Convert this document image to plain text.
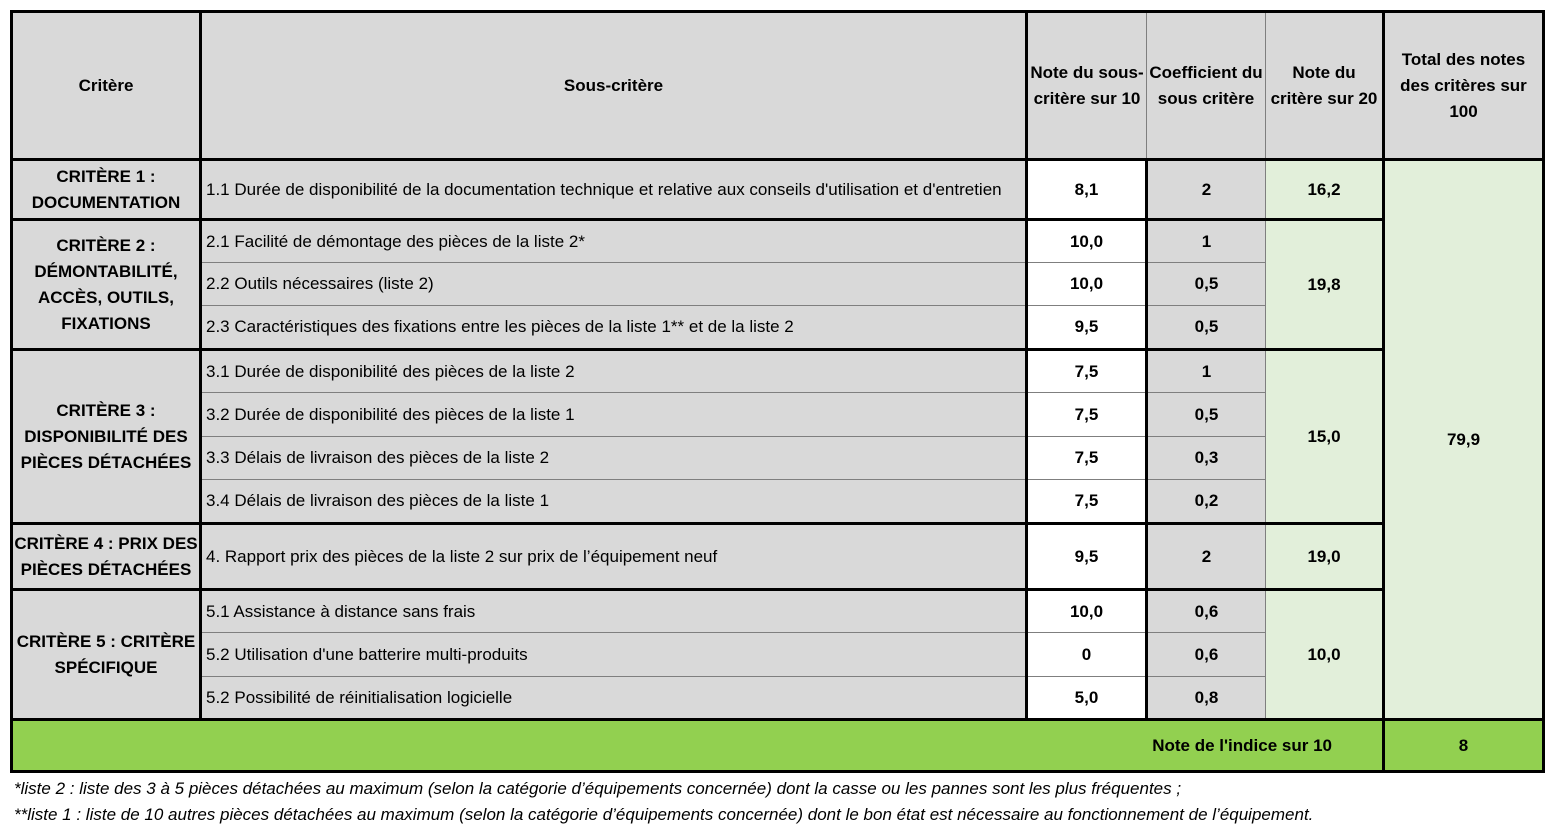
Critère	Sous-critère	Note du sous-critère sur 10	Coefficient du sous critère	Note du critère sur 20	Total des notes des critères sur 100
CRITÈRE 1 : DOCUMENTATION	1.1 Durée de disponibilité de la documentation technique et relative aux conseils d'utilisation et d'entretien	8,1	2	16,2	79,9
CRITÈRE 2 : DÉMONTABILITÉ, ACCÈS, OUTILS, FIXATIONS	2.1 Facilité de démontage des pièces de la liste 2*	10,0	1	19,8	
	2.2 Outils nécessaires (liste 2)	10,0	0,5		
	2.3 Caractéristiques des fixations entre les pièces de la liste 1** et de la liste 2	9,5	0,5		
CRITÈRE 3 : DISPONIBILITÉ DES PIÈCES DÉTACHÉES	3.1 Durée de disponibilité des pièces de la liste 2	7,5	1	15,0	
	3.2 Durée de disponibilité des pièces de la liste 1	7,5	0,5		
	3.3 Délais de livraison des pièces de la liste 2	7,5	0,3		
	3.4 Délais de livraison des pièces de la liste 1	7,5	0,2		
CRITÈRE 4 : PRIX DES PIÈCES DÉTACHÉES	4. Rapport prix des pièces de la liste 2 sur prix de l’équipement neuf	9,5	2	19,0	
CRITÈRE 5 : CRITÈRE SPÉCIFIQUE	5.1 Assistance à distance sans frais	10,0	0,6	10,0	
	5.2 Utilisation d'une batterire multi-produits	0	0,6		
	5.2 Possibilité de réinitialisation logicielle	5,0	0,8		
Note de l'indice sur 10					8
*liste 2 : liste des 3 à 5 pièces détachées au maximum (selon la catégorie d’équipements concernée) dont la casse ou les pannes sont les plus fréquentes ;
**liste 1 : liste de 10 autres pièces détachées au maximum (selon la catégorie d’équipements concernée) dont le bon état est nécessaire au fonctionnement de l’équipement.
